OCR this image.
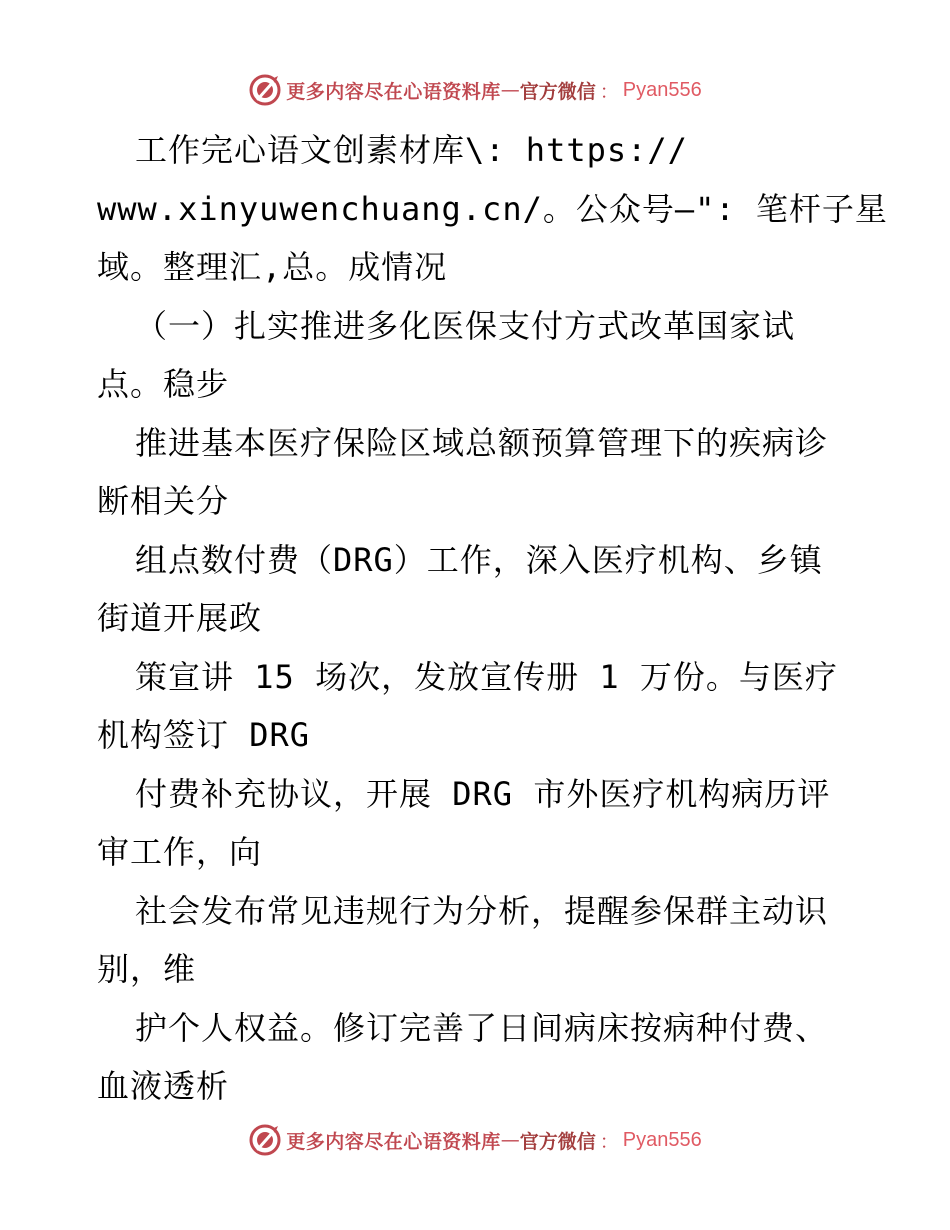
更多内容尽在心语资料库 — 官方微信 ： Pyan556
工作完心语文创素材库\: https://
www.xinyuwenchuang.cn/。公众号—": 笔杆子星
域。整理汇,总。成情况
（一）扎实推进多化医保支付方式改革国家试
点。稳步
推进基本医疗保险区域总额预算管理下的疾病诊
断相关分
组点数付费（DRG）工作，深入医疗机构、乡镇
街道开展政
策宣讲 15 场次，发放宣传册 1 万份。与医疗
机构签订 DRG
付费补充协议，开展 DRG 市外医疗机构病历评
审工作，向
社会发布常见违规行为分析，提醒参保群主动识
别，维
护个人权益。修订完善了日间病床按病种付费、
血液透析
更多内容尽在心语资料库 — 官方微信 ： Pyan556
